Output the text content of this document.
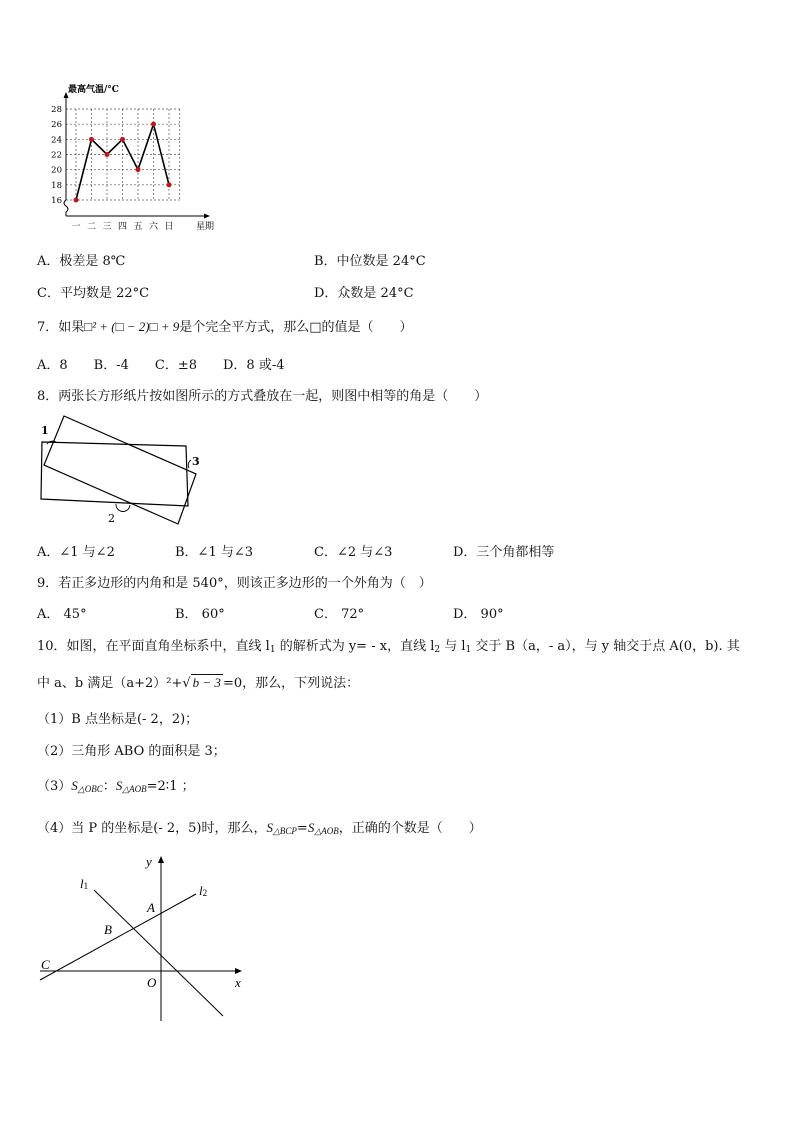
最高气温/°C
16
18
20
22
24
26
28
一 二 三 四 五 六 日 星期
A．极差是 8℃	B．中位数是 24°C
C．平均数是 22°C	D．众数是 24°C
7．如果□² + (□ − 2)□ + 9是个完全平方式，那么□的值是（　　）
A．8　　B．-4　　C．±8　　D．8 或-4
8．两张长方形纸片按如图所示的方式叠放在一起，则图中相等的角是（　　）
1
2
3
A．∠1 与∠2	B．∠1 与∠3	C．∠2 与∠3	D．三个角都相等
9．若正多边形的内角和是 540°，则该正多边形的一个外角为（　）
A． 45°	B． 60°	C． 72°	D． 90°
10．如图，在平面直角坐标系中，直线 $l_1$ 的解析式为 y= - x，直线 $l_2$ 与 $l_1$ 交于 B（a，- a），与 y 轴交于点 A(0，b). 其
中 a、b 满足（a+2）²+√ b − 3 =0，那么，下列说法：
（1）B 点坐标是(- 2，2)；
（2）三角形 ABO 的面积是 3；
$(3)S_{\triangle OBC}$：$S_{\triangle AOB}=2∶1$ ；
（4）当 P 的坐标是(- 2，5)时，那么，$S_{\triangle BCP}=S_{\triangle AOB}$，正确的个数是（　　）
y
x
O
A
B
C
l1	l2
